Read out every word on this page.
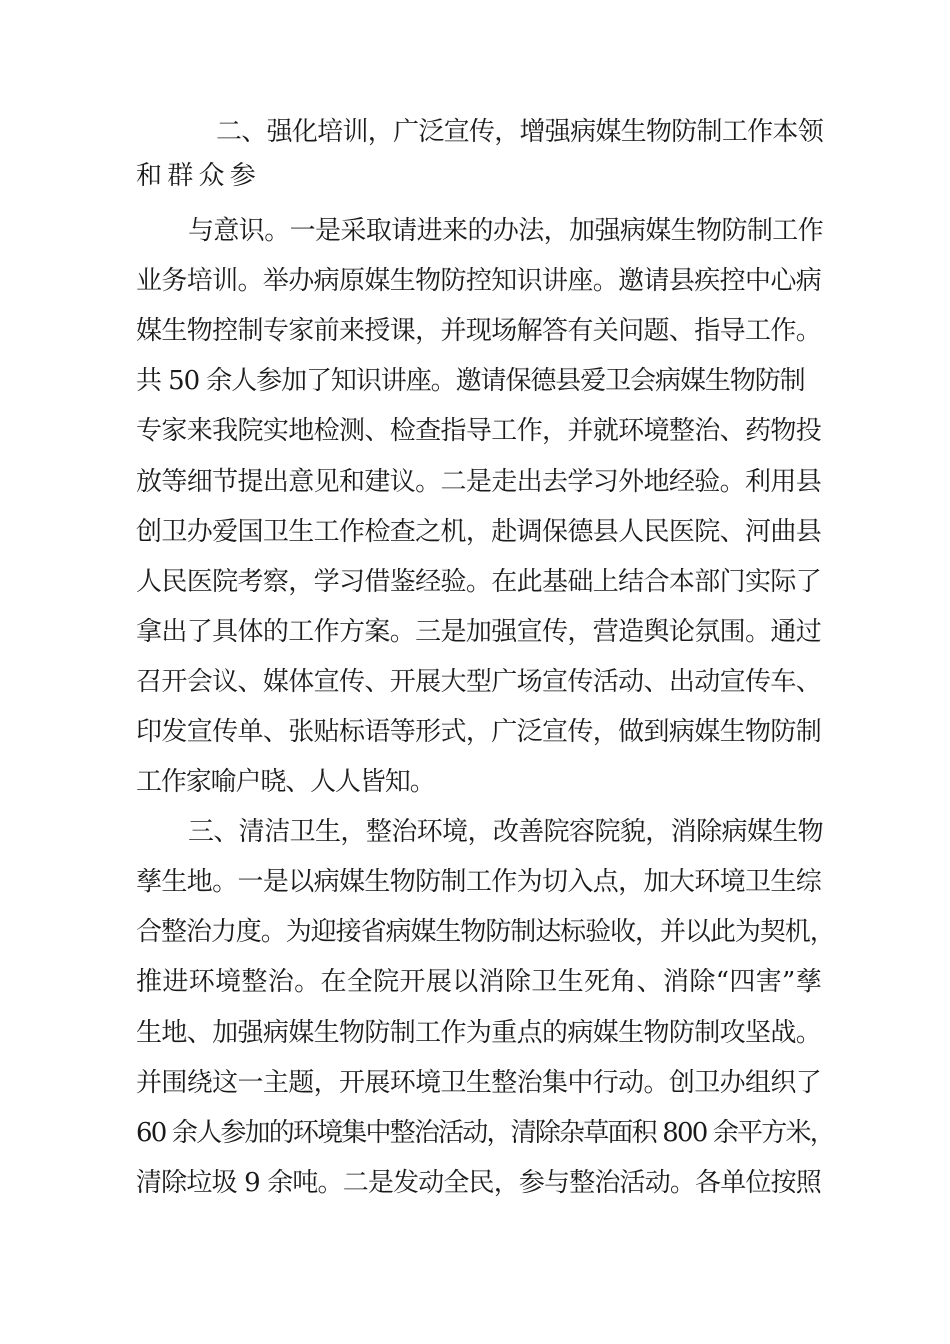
二、强化培训，广泛宣传，增强病媒生物防制工作本领
和群众参
与意识。一是采取请进来的办法，加强病媒生物防制工作
业务培训。举办病原媒生物防控知识讲座。邀请县疾控中心病
媒生物控制专家前来授课，并现场解答有关问题、指导工作。
共 50 余人参加了知识讲座。邀请保德县爱卫会病媒生物防制
专家来我院实地检测、检查指导工作，并就环境整治、药物投
放等细节提出意见和建议。二是走出去学习外地经验。利用县
创卫办爱国卫生工作检查之机，赴调保德县人民医院、河曲县
人民医院考察，学习借鉴经验。在此基础上结合本部门实际了
拿出了具体的工作方案。三是加强宣传，营造舆论氛围。通过
召开会议、媒体宣传、开展大型广场宣传活动、出动宣传车、
印发宣传单、张贴标语等形式，广泛宣传，做到病媒生物防制
工作家喻户晓、人人皆知。
三、清洁卫生，整治环境，改善院容院貌，消除病媒生物
孳生地。一是以病媒生物防制工作为切入点，加大环境卫生综
合整治力度。为迎接省病媒生物防制达标验收，并以此为契机，
推进环境整治。在全院开展以消除卫生死角、消除“四害”孳
生地、加强病媒生物防制工作为重点的病媒生物防制攻坚战。
并围绕这一主题，开展环境卫生整治集中行动。创卫办组织了
60 余人参加的环境集中整治活动，清除杂草面积 800 余平方米，
清除垃圾 9 余吨。二是发动全民，参与整治活动。各单位按照
